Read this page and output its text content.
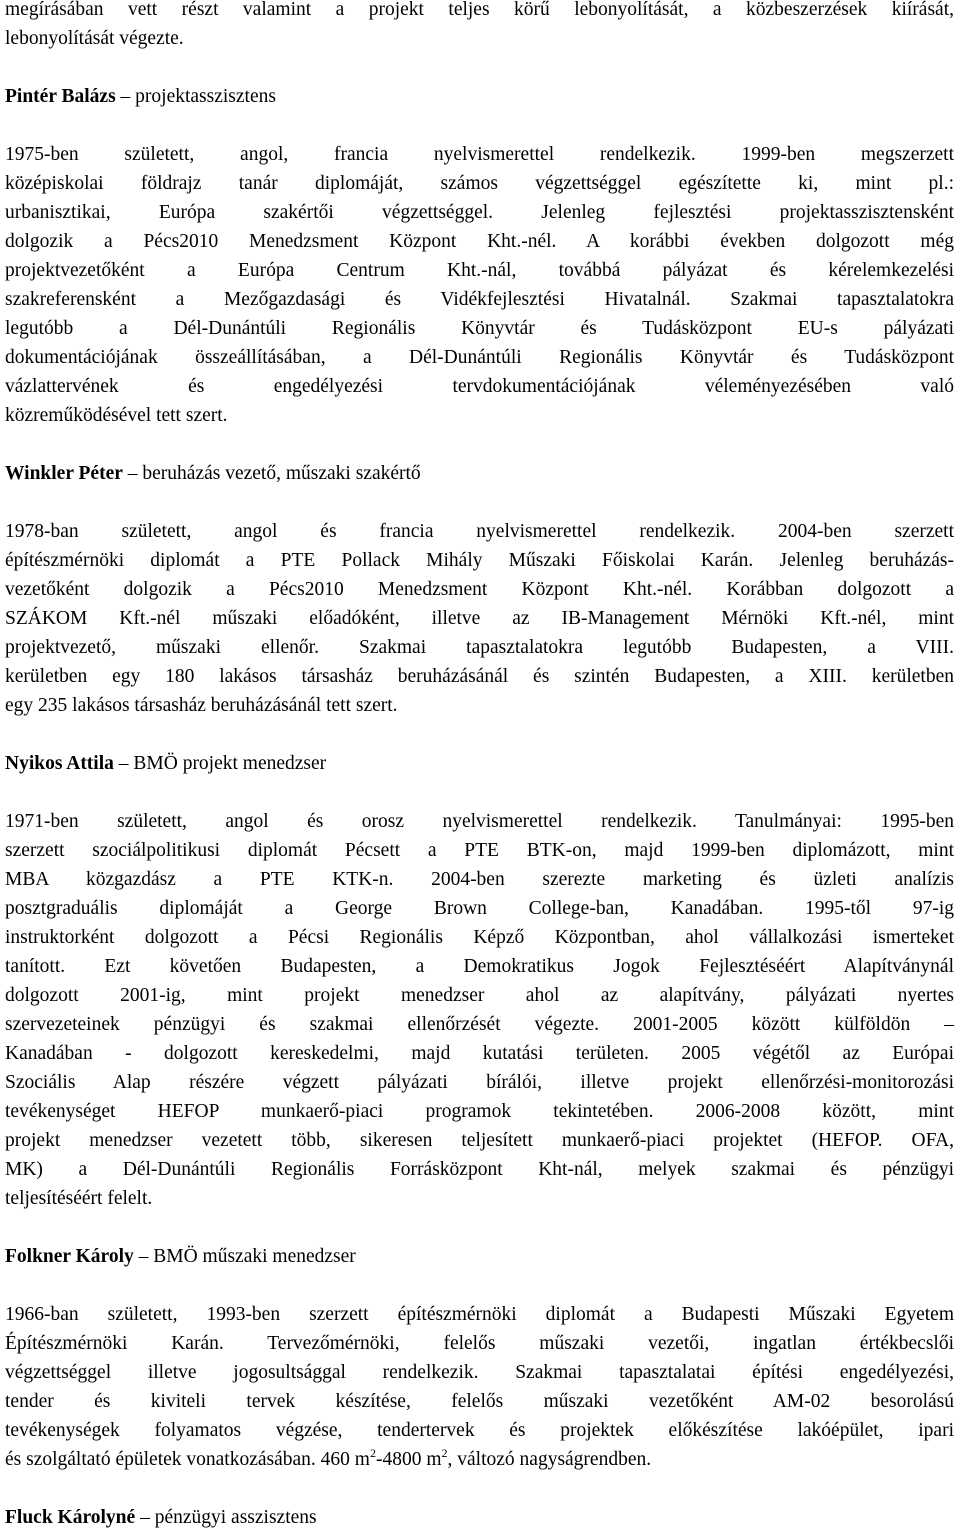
megírásában vett részt valamint a projekt teljes körű lebonyolítását, a közbeszerzések kiírását,
lebonyolítását végezte.
Pintér Balázs – projektasszisztens
1975-ben született, angol, francia nyelvismerettel rendelkezik. 1999-ben megszerzett
középiskolai földrajz tanár diplomáját, számos végzettséggel egészítette ki, mint pl.:
urbanisztikai, Európa szakértői végzettséggel. Jelenleg fejlesztési projektasszisztensként
dolgozik a Pécs2010 Menedzsment Központ Kht.-nél. A korábbi években dolgozott még
projektvezetőként a Európa Centrum Kht.-nál, továbbá pályázat és kérelemkezelési
szakreferensként a Mezőgazdasági és Vidékfejlesztési Hivatalnál. Szakmai tapasztalatokra
legutóbb a Dél-Dunántúli Regionális Könyvtár és Tudásközpont EU-s pályázati
dokumentációjának összeállításában, a Dél-Dunántúli Regionális Könyvtár és Tudásközpont
vázlattervének és engedélyezési tervdokumentációjának véleményezésében való
közreműködésével tett szert.
Winkler Péter – beruházás vezető, műszaki szakértő
1978-ban született, angol és francia nyelvismerettel rendelkezik. 2004-ben szerzett
építészmérnöki diplomát a PTE Pollack Mihály Műszaki Főiskolai Karán. Jelenleg beruházás-
vezetőként dolgozik a Pécs2010 Menedzsment Központ Kht.-nél. Korábban dolgozott a
SZÁKOM Kft.-nél műszaki előadóként, illetve az IB-Management Mérnöki Kft.-nél, mint
projektvezető, műszaki ellenőr. Szakmai tapasztalatokra legutóbb Budapesten, a VIII.
kerületben egy 180 lakásos társasház beruházásánál és szintén Budapesten, a XIII. kerületben
egy 235 lakásos társasház beruházásánál tett szert.
Nyikos Attila – BMÖ projekt menedzser
1971-ben született, angol és orosz nyelvismerettel rendelkezik. Tanulmányai: 1995-ben
szerzett szociálpolitikusi diplomát Pécsett a PTE BTK-on, majd 1999-ben diplomázott, mint
MBA közgazdász a PTE KTK-n. 2004-ben szerezte marketing és üzleti analízis
posztgraduális diplomáját a George Brown College-ban, Kanadában. 1995-től 97-ig
instruktorként dolgozott a Pécsi Regionális Képző Központban, ahol vállalkozási ismerteket
tanított. Ezt követően Budapesten, a Demokratikus Jogok Fejlesztéséért Alapítványnál
dolgozott 2001-ig, mint projekt menedzser ahol az alapítvány, pályázati nyertes
szervezeteinek pénzügyi és szakmai ellenőrzését végezte. 2001-2005 között külföldön –
Kanadában - dolgozott kereskedelmi, majd kutatási területen. 2005 végétől az Európai
Szociális Alap részére végzett pályázati bírálói, illetve projekt ellenőrzési-monitorozási
tevékenységet HEFOP munkaerő-piaci programok tekintetében. 2006-2008 között, mint
projekt menedzser vezetett több, sikeresen teljesített munkaerő-piaci projektet (HEFOP. OFA,
MK) a Dél-Dunántúli Regionális Forrásközpont Kht-nál, melyek szakmai és pénzügyi
teljesítéséért felelt.
Folkner Károly – BMÖ műszaki menedzser
1966-ban született, 1993-ben szerzett építészmérnöki diplomát a Budapesti Műszaki Egyetem
Építészmérnöki Karán. Tervezőmérnöki, felelős műszaki vezetői, ingatlan értékbecslői
végzettséggel illetve jogosultsággal rendelkezik. Szakmai tapasztalatai építési engedélyezési,
tender és kiviteli tervek készítése, felelős műszaki vezetőként AM-02 besorolású
tevékenységek folyamatos végzése, tendertervek és projektek előkészítése lakóépület, ipari
és szolgáltató épületek vonatkozásában. 460 $m^2-4800$ $m^2$, változó nagyságrendben.
Fluck Károlyné – pénzügyi asszisztens
